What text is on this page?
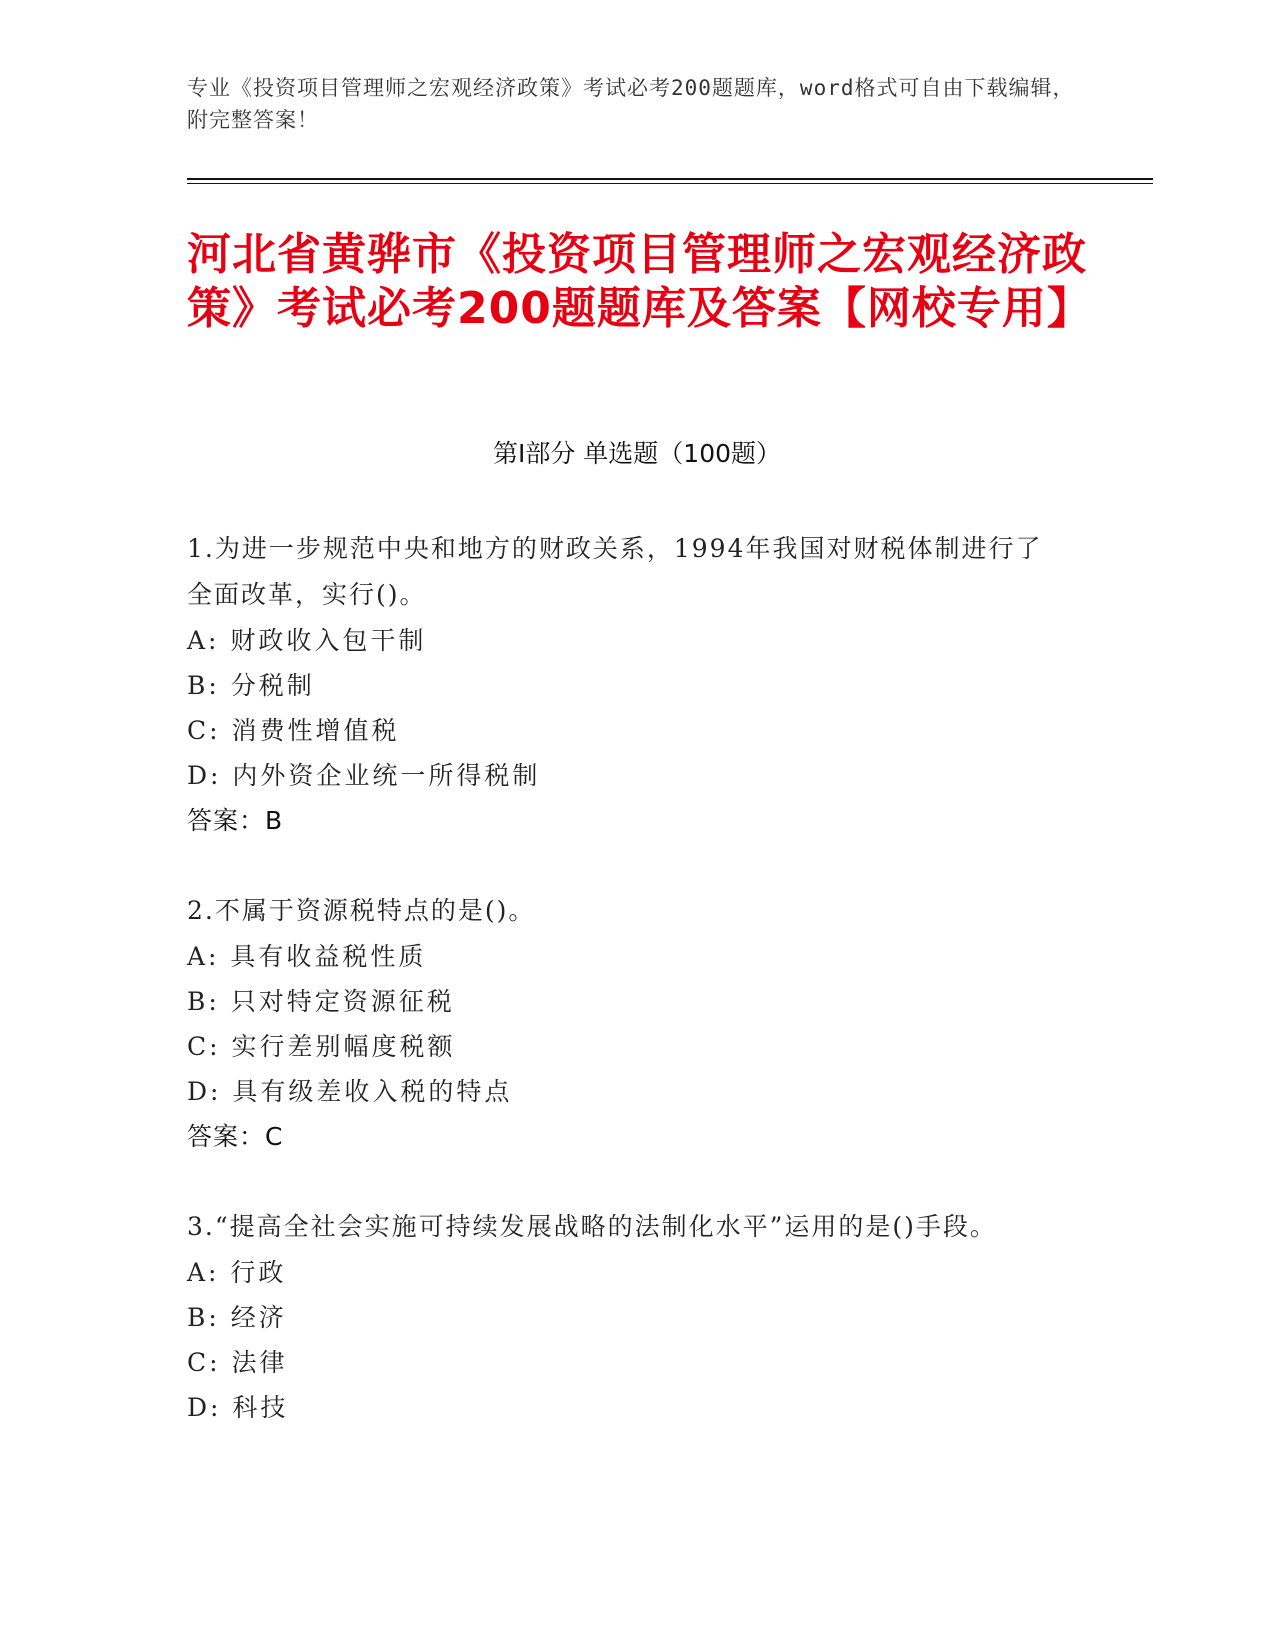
专业《投资项目管理师之宏观经济政策》考试必考200题题库，word格式可自由下载编辑，附完整答案！
河北省黄骅市《投资项目管理师之宏观经济政策》考试必考200题题库及答案【网校专用】
第Ⅰ部分 单选题（100题）
1.为进一步规范中央和地方的财政关系，1994年我国对财税体制进行了全面改革，实行()。
A: 财政收入包干制
B: 分税制
C: 消费性增值税
D: 内外资企业统一所得税制
答案：B
2.不属于资源税特点的是()。
A: 具有收益税性质
B: 只对特定资源征税
C: 实行差别幅度税额
D: 具有级差收入税的特点
答案：C
3.“提高全社会实施可持续发展战略的法制化水平”运用的是()手段。
A: 行政
B: 经济
C: 法律
D: 科技
